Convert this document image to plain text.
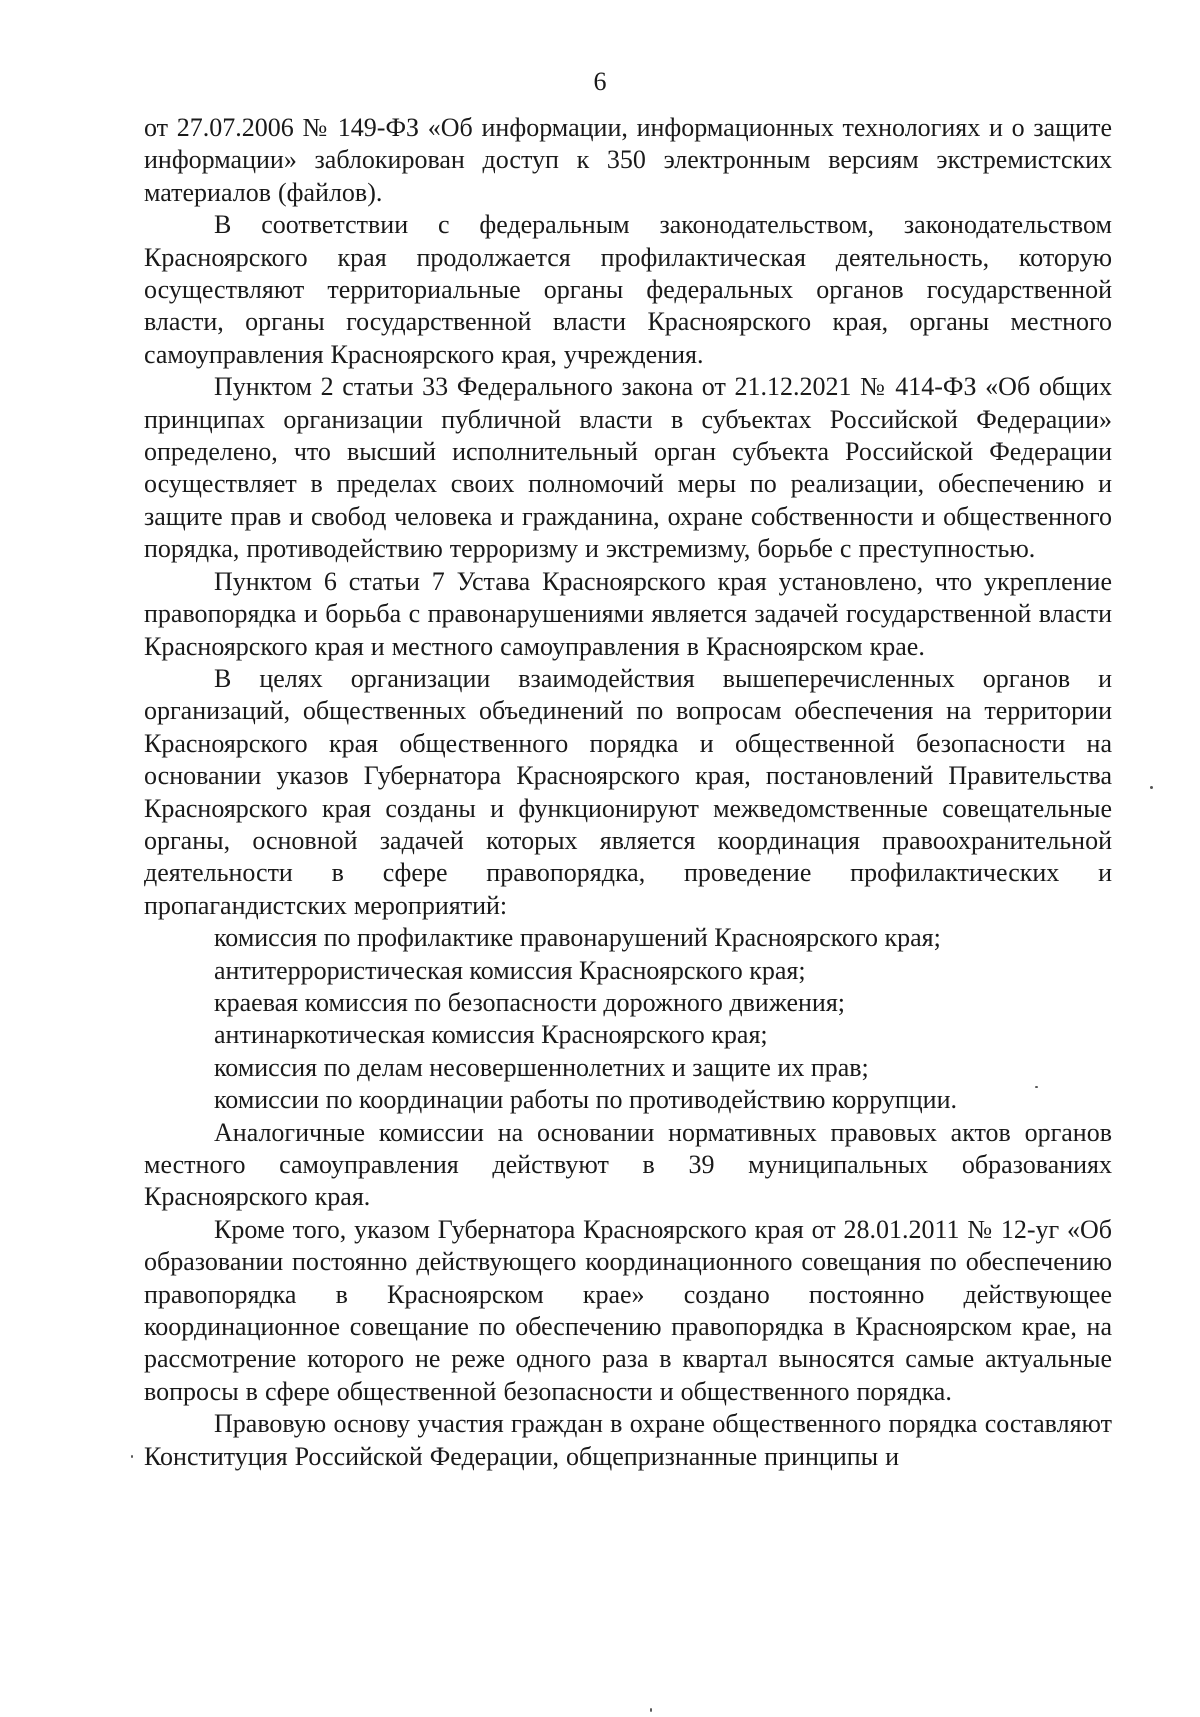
6

от 27.07.2006 № 149-ФЗ «Об информации, информационных технологиях и о защите информации» заблокирован доступ к 350 электронным версиям экстремистских материалов (файлов).

В соответствии с федеральным законодательством, законодательством Красноярского края продолжается профилактическая деятельность, которую осуществляют территориальные органы федеральных органов государственной власти, органы государственной власти Красноярского края, органы местного самоуправления Красноярского края, учреждения.

Пунктом 2 статьи 33 Федерального закона от 21.12.2021 № 414-ФЗ «Об общих принципах организации публичной власти в субъектах Российской Федерации» определено, что высший исполнительный орган субъекта Российской Федерации осуществляет в пределах своих полномочий меры по реализации, обеспечению и защите прав и свобод человека и гражданина, охране собственности и общественного порядка, противодействию терроризму и экстремизму, борьбе с преступностью.

Пунктом 6 статьи 7 Устава Красноярского края установлено, что укрепление правопорядка и борьба с правонарушениями является задачей государственной власти Красноярского края и местного самоуправления в Красноярском крае.

В целях организации взаимодействия вышеперечисленных органов и организаций, общественных объединений по вопросам обеспечения на территории Красноярского края общественного порядка и общественной безопасности на основании указов Губернатора Красноярского края, постановлений Правительства Красноярского края созданы и функционируют межведомственные совещательные органы, основной задачей которых является координация правоохранительной деятельности в сфере правопорядка, проведение профилактических и пропагандистских мероприятий:

комиссия по профилактике правонарушений Красноярского края;

антитеррористическая комиссия Красноярского края;

краевая комиссия по безопасности дорожного движения;

антинаркотическая комиссия Красноярского края;

комиссия по делам несовершеннолетних и защите их прав;

комиссии по координации работы по противодействию коррупции.

Аналогичные комиссии на основании нормативных правовых актов органов местного самоуправления действуют в 39 муниципальных образованиях Красноярского края.

Кроме того, указом Губернатора Красноярского края от 28.01.2011 № 12-уг «Об образовании постоянно действующего координационного совещания по обеспечению правопорядка в Красноярском крае» создано постоянно действующее координационное совещание по обеспечению правопорядка в Красноярском крае, на рассмотрение которого не реже одного раза в квартал выносятся самые актуальные вопросы в сфере общественной безопасности и общественного порядка.

Правовую основу участия граждан в охране общественного порядка составляют Конституция Российской Федерации, общепризнанные принципы и
